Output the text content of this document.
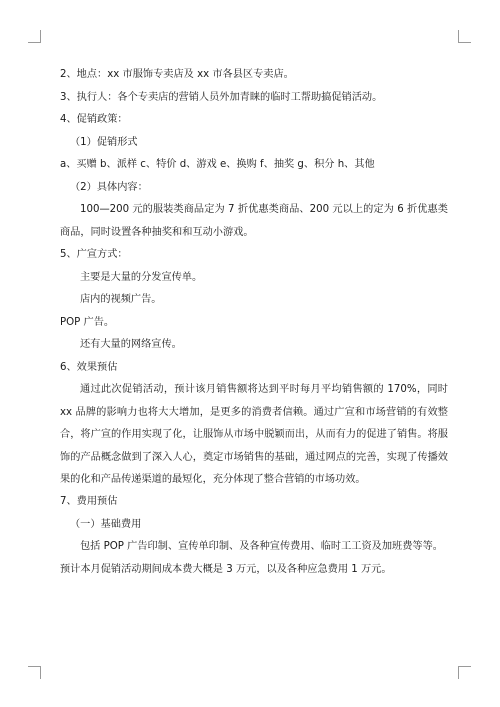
2、地点：xx 市服饰专卖店及 xx 市各县区专卖店。
3、执行人：各个专卖店的营销人员外加青睐的临时工帮助搞促销活动。
4、促销政策：
（1）促销形式
a、买赠 b、派样 c、特价 d、游戏 e、换购 f、抽奖 g、积分 h、其他
（2）具体内容：
100—200 元的服装类商品定为 7 折优惠类商品、200 元以上的定为 6 折优惠类商品，同时设置各种抽奖和和互动小游戏。
5、广宣方式：
主要是大量的分发宣传单。
店内的视频广告。
POP 广告。
还有大量的网络宣传。
6、效果预估
通过此次促销活动，预计该月销售额将达到平时每月平均销售额的 170%，同时 xx 品牌的影响力也将大大增加，是更多的消费者信赖。通过广宣和市场营销的有效整合，将广宣的作用实现了化，让服饰从市场中脱颖而出，从而有力的促进了销售。将服饰的产品概念做到了深入人心，奠定市场销售的基础，通过网点的完善，实现了传播效果的化和产品传递渠道的最短化，充分体现了整合营销的市场功效。
7、费用预估
（一）基础费用
包括 POP 广告印制、宣传单印制、及各种宣传费用、临时工工资及加班费等等。
预计本月促销活动期间成本费大概是 3 万元，以及各种应急费用 1 万元。
